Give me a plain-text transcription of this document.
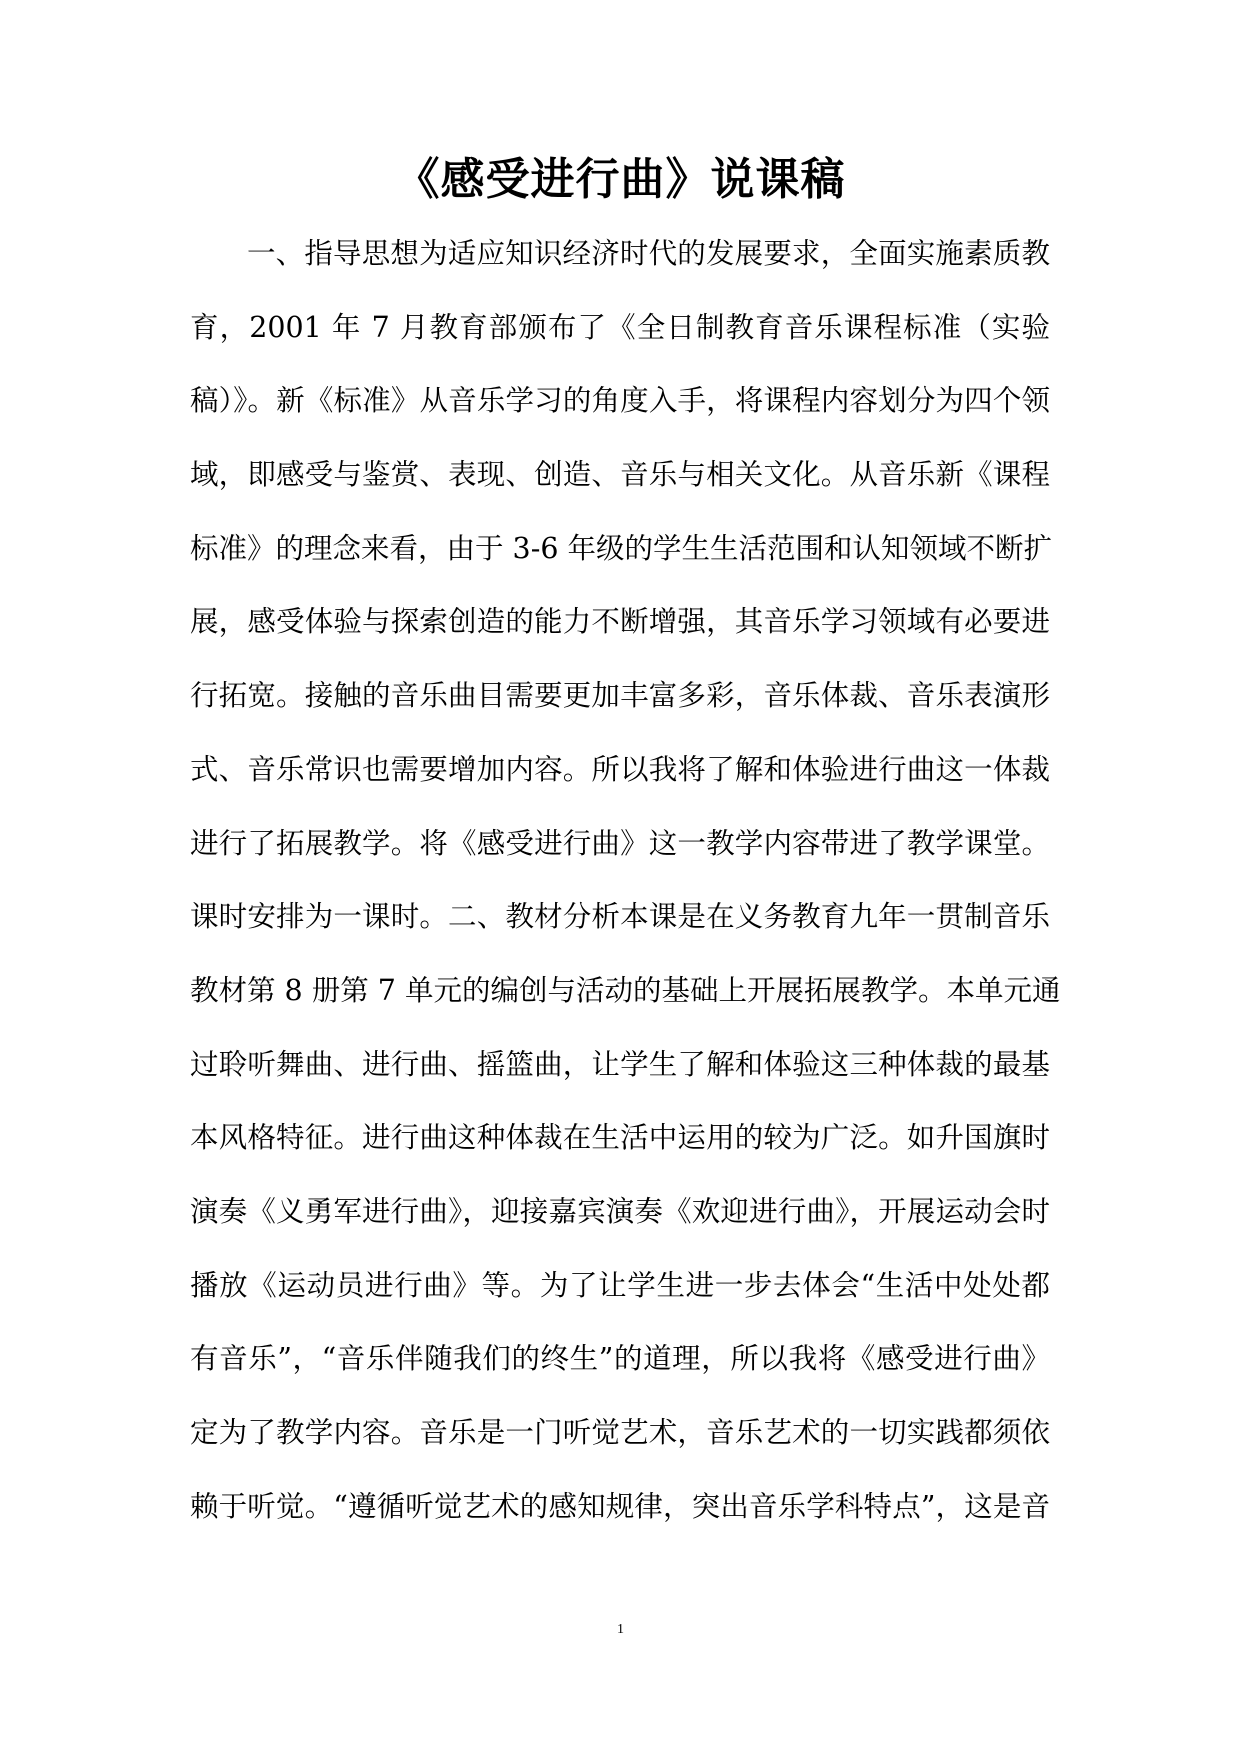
《感受进行曲》说课稿
一、指导思想为适应知识经济时代的发展要求，全面实施素质教
育，2001 年 7 月教育部颁布了《全日制教育音乐课程标准（实验
稿）》。新《标准》从音乐学习的角度入手，将课程内容划分为四个领
域，即感受与鉴赏、表现、创造、音乐与相关文化。从音乐新《课程
标准》的理念来看，由于 3-6 年级的学生生活范围和认知领域不断扩
展，感受体验与探索创造的能力不断增强，其音乐学习领域有必要进
行拓宽。接触的音乐曲目需要更加丰富多彩，音乐体裁、音乐表演形
式、音乐常识也需要增加内容。所以我将了解和体验进行曲这一体裁
进行了拓展教学。将《感受进行曲》这一教学内容带进了教学课堂。
课时安排为一课时。二、教材分析本课是在义务教育九年一贯制音乐
教材第 8 册第 7 单元的编创与活动的基础上开展拓展教学。本单元通
过聆听舞曲、进行曲、摇篮曲，让学生了解和体验这三种体裁的最基
本风格特征。进行曲这种体裁在生活中运用的较为广泛。如升国旗时
演奏《义勇军进行曲》，迎接嘉宾演奏《欢迎进行曲》，开展运动会时
播放《运动员进行曲》等。为了让学生进一步去体会“生活中处处都
有音乐”，“音乐伴随我们的终生”的道理，所以我将《感受进行曲》
定为了教学内容。音乐是一门听觉艺术，音乐艺术的一切实践都须依
赖于听觉。“遵循听觉艺术的感知规律，突出音乐学科特点”，这是音
1
